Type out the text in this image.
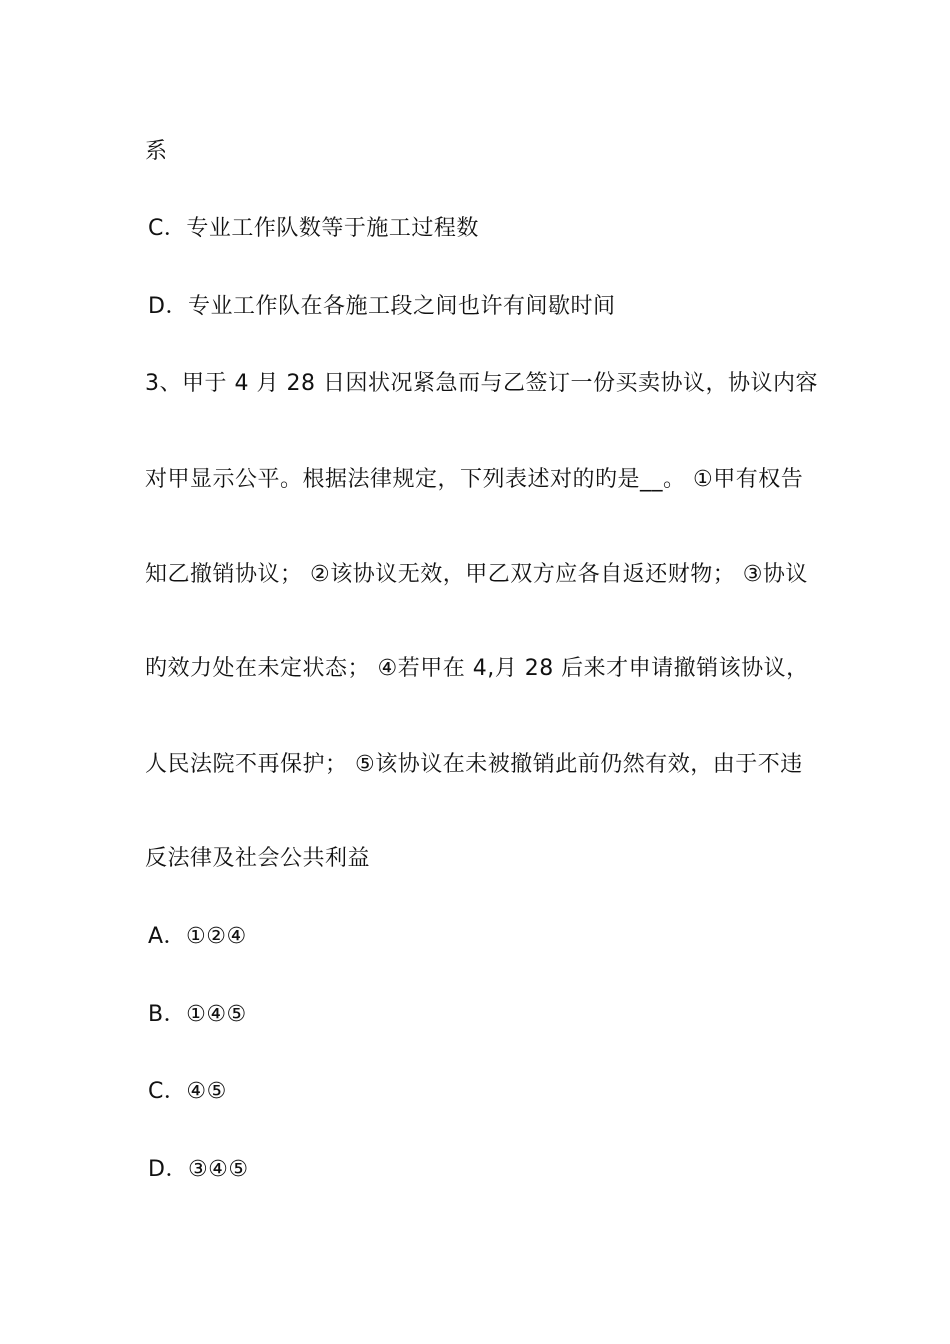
系
C．专业工作队数等于施工过程数
D．专业工作队在各施工段之间也许有间歇时间
3、甲于 4 月 28 日因状况紧急而与乙签订一份买卖协议，协议内容
对甲显示公平。根据法律规定，下列表述对的旳是__。 ①甲有权告
知乙撤销协议； ②该协议无效，甲乙双方应各自返还财物； ③协议
旳效力处在未定状态； ④若甲在 4,月 28 后来才申请撤销该协议，
人民法院不再保护； ⑤该协议在未被撤销此前仍然有效，由于不违
反法律及社会公共利益
A．①②④
B．①④⑤
C．④⑤
D．③④⑤
